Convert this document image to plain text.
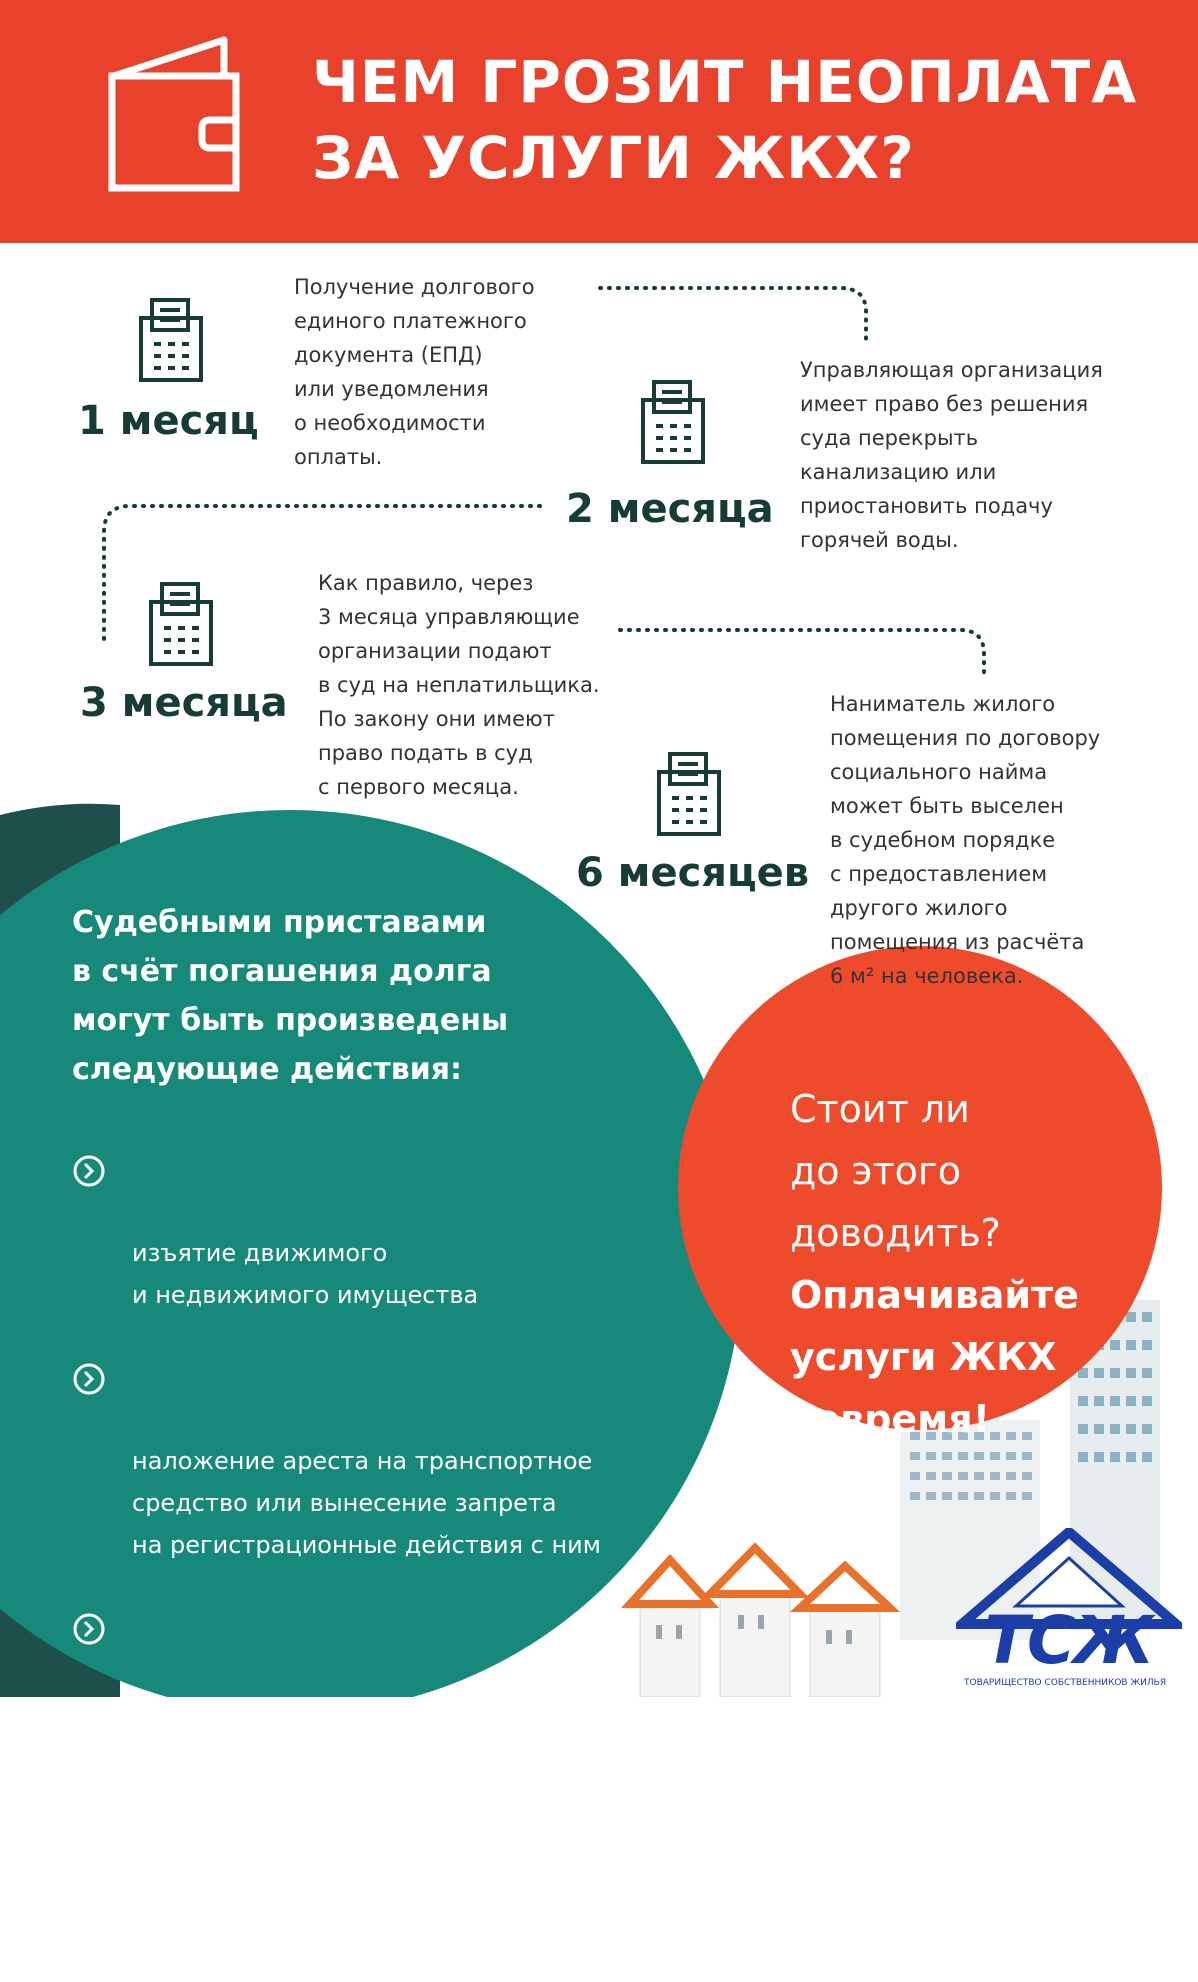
ЧЕМ ГРОЗИТ НЕОПЛАТА
ЗА УСЛУГИ ЖКХ?

1 месяц

Получение долгового
единого платежного
документа (ЕПД)
или уведомления
о необходимости
оплаты.

2 месяца

Управляющая организация
имеет право без решения
суда перекрыть
канализацию или
приостановить подачу
горячей воды.

3 месяца

Как правило, через
3 месяца управляющие
организации подают
в суд на неплатильщика.
По закону они имеют
право подать в суд
с первого месяца.

6 месяцев

Наниматель жилого
помещения по договору
социального найма
может быть выселен
в судебном порядке
с предоставлением
другого жилого
помещения из расчёта
6 м² на человека.

Судебными приставами
в счёт погашения долга
могут быть произведены
следующие действия:

изъятие движимого
и недвижимого имущества

наложение ареста на транспортное
средство или вынесение запрета
на регистрационные действия с ним

ограничение выезда за границу

в одностороннем порядке снятие
денежных средств с банковских
счетов

Стоит ли
до этого
доводить?

Оплачивайте
услуги ЖКХ
вовремя!

ТСЖ

ТОВАРИЩЕСТВО СОБСТВЕННИКОВ ЖИЛЬЯ
